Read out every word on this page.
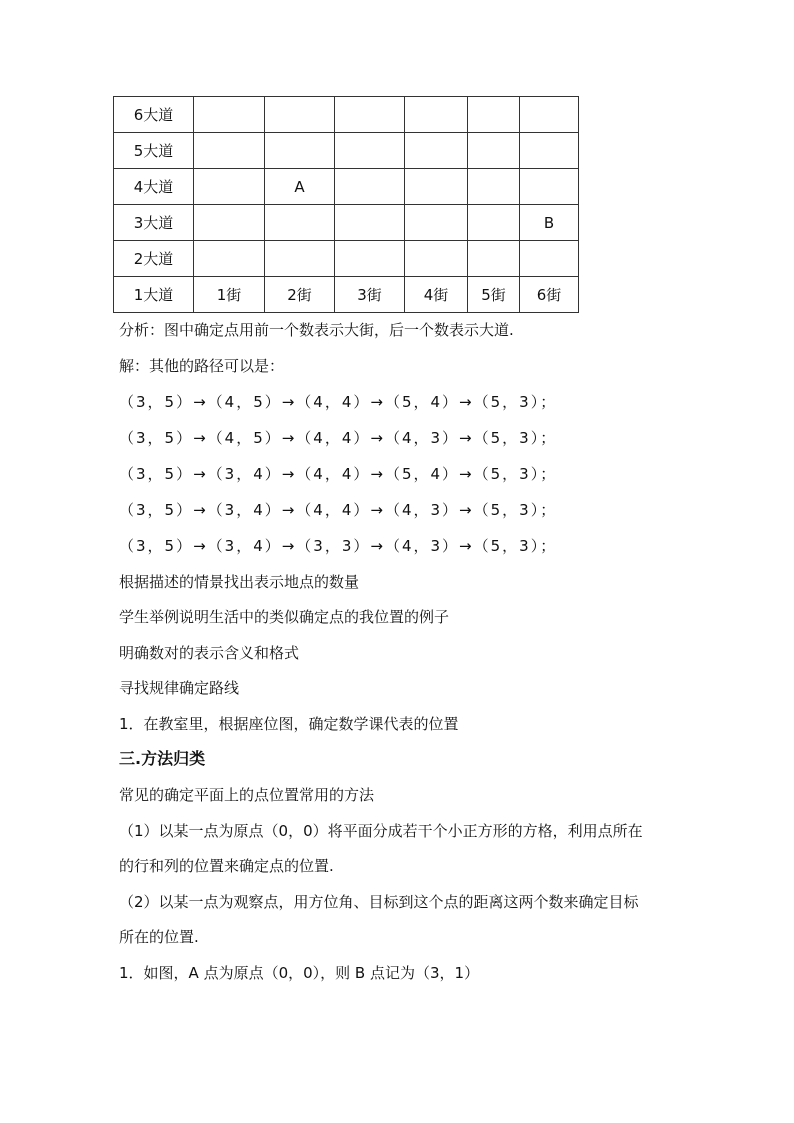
6大道						
5大道						
4大道		A				
3大道						B
2大道						
1大道	1街	2街	3街	4街	5街	6街
分析：图中确定点用前一个数表示大街，后一个数表示大道.
解：其他的路径可以是：
（3，5）→（4，5）→（4，4）→（5，4）→（5，3）；
（3，5）→（4，5）→（4，4）→（4，3）→（5，3）；
（3，5）→（3，4）→（4，4）→（5，4）→（5，3）；
（3，5）→（3，4）→（4，4）→（4，3）→（5，3）；
（3，5）→（3，4）→（3，3）→（4，3）→（5，3）；
根据描述的情景找出表示地点的数量
学生举例说明生活中的类似确定点的我位置的例子
明确数对的表示含义和格式
寻找规律确定路线
1．在教室里，根据座位图，确定数学课代表的位置
三.方法归类
常见的确定平面上的点位置常用的方法
（1）以某一点为原点（0，0）将平面分成若干个小正方形的方格，利用点所在
的行和列的位置来确定点的位置.
（2）以某一点为观察点，用方位角、目标到这个点的距离这两个数来确定目标
所在的位置.
1．如图，A 点为原点（0，0），则 B 点记为（3，1）
